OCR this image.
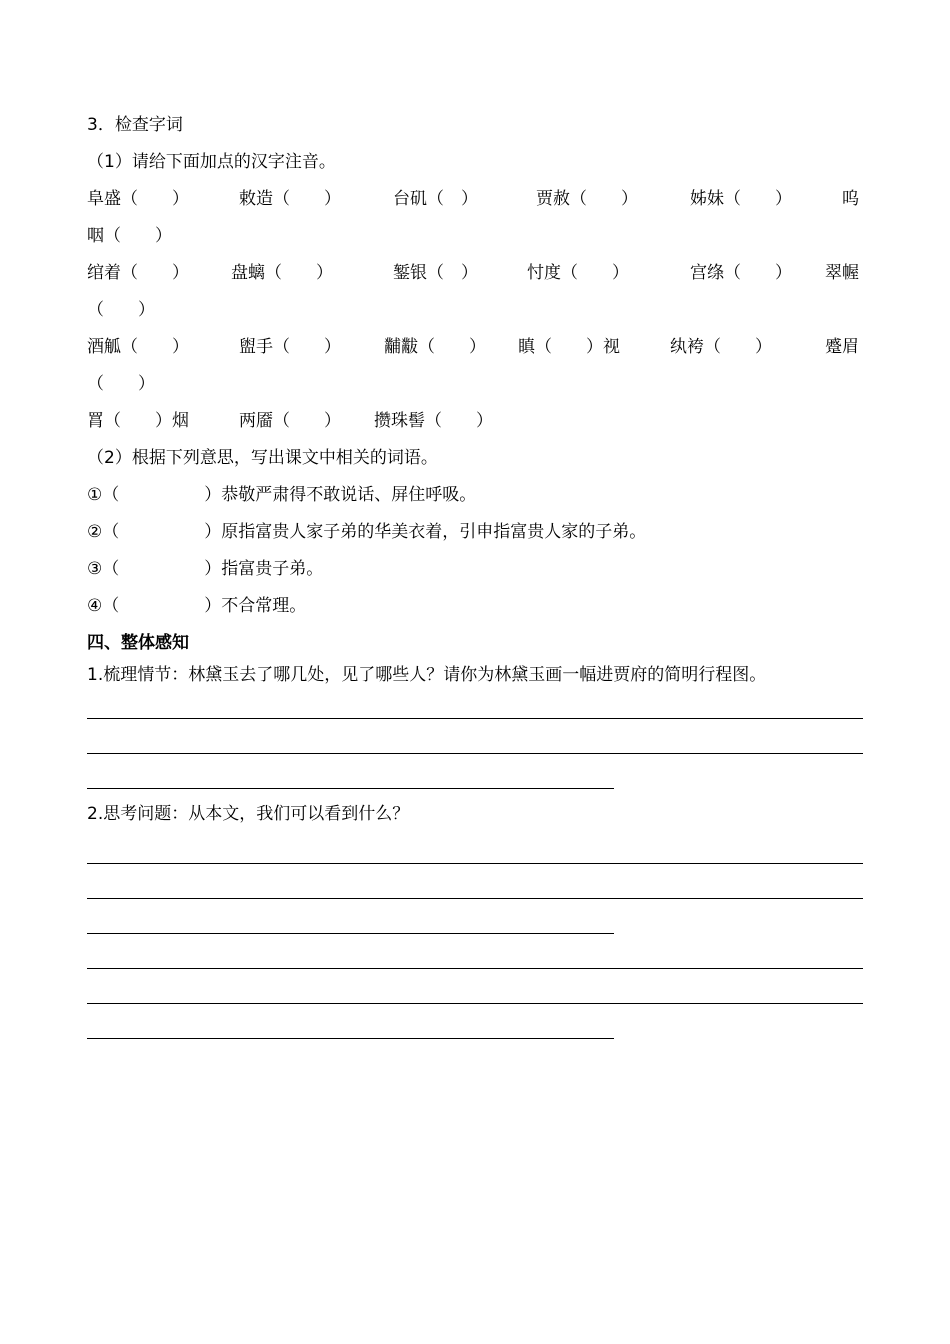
3．检查字词
（1）请给下面加点的汉字注音。
阜盛（　　）	敕造（　　）	台矶（　）	贾赦（　　）	姊妹（　　）	呜
咽（　　）
绾着（　　） 盘螭（　　）	錾银（　）	忖度（　　）	宫绦（　　） 翠幄
（　　）
酒觚（　　）	盥手（　　）	黼黻（　　） 瞋（　　）视	纨袴（　　）	蹙眉
（　　）
罥（　　）烟	两靥（　　） 攒珠髻（　　）
（2）根据下列意思，写出课文中相关的词语。
①（　　　　　）恭敬严肃得不敢说话、屏住呼吸。
②（　　　　　）原指富贵人家子弟的华美衣着，引申指富贵人家的子弟。
③（　　　　　）指富贵子弟。
④（　　　　　）不合常理。
四、整体感知
1.梳理情节：林黛玉去了哪几处，见了哪些人？请你为林黛玉画一幅进贾府的简明行程图。
2.思考问题：从本文，我们可以看到什么？
